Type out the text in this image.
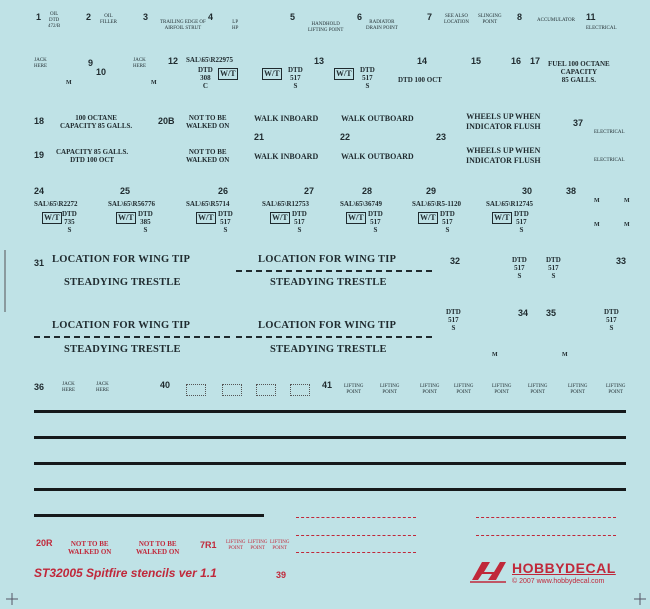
1	OIL
DTD
472/B
2	OIL
FILLER
3
TRAILING EDGE OF
AIRFOIL STRUT
4
LP
HP
5
HANDHOLD
LIFTING POINT
6
RADIATOR
DRAIN POINT
7	SEE ALSO
LOCATION
SLINGING
POINT
8	ACCUMULATOR 11
ELECTRICAL
JACK
HERE	9
10
JACK
HERE
12 SAL\65\R22975
DTD
308
C
W/T	W/T DTD
517
S
13
W/T DTD
517
S
14
DTD 100 OCT
15	16 17 FUEL 100 OCTANE
CAPACITY
85 GALLS.
M	M
18	100 OCTANE
CAPACITY 85 GALLS.	20B	NOT TO BE
WALKED ON
WALK INBOARD	WALK OUTBOARD	WHEELS UP WHEN
INDICATOR FLUSH
21	22	23
37
ELECTRICAL
19 CAPACITY 85 GALLS.
DTD 100 OCT
NOT TO BE
WALKED ON	WALK INBOARD	WALK OUTBOARD
WHEELS UP WHEN
INDICATOR FLUSH	ELECTRICAL
24
SAL\65\R2272
W/T DTD
735
S
25
SAL\65\R56776
W/T DTD
385
S
26
SAL\65\R5714
W/T DTD
517
S
27
SAL\65\R12753
W/T DTD
517
S
28
SAL\65\36749
W/T DTD
517
S
29
SAL\65\R5-1120
W/T DTD
517
S
30
SAL\65\R12745
W/T DTD
517
S
38
M	M
M	M
31 LOCATION FOR WING TIP	LOCATION FOR WING TIP
STEADYING TRESTLE	STEADYING TRESTLE
32	DTD
517
S
DTD
517
S
33
LOCATION FOR WING TIP	LOCATION FOR WING TIP
STEADYING TRESTLE	STEADYING TRESTLE
DTD
517
S
34 35	DTD
517
S
M	M
36	JACK
HERE
JACK
HERE
40	41 LIFTING
POINT
LIFTING
POINT
LIFTING
POINT
LIFTING
POINT
LIFTING
POINT
LIFTING
POINT
LIFTING
POINT
LIFTING
POINT
20R	NOT TO BE
WALKED ON
NOT TO BE
WALKED ON
7R1 LIFTING
POINT
LIFTING
POINT
LIFTING
POINT
ST32005 Spitfire stencils ver 1.1	39	HOBBYDECAL
© 2007 www.hobbydecal.com
